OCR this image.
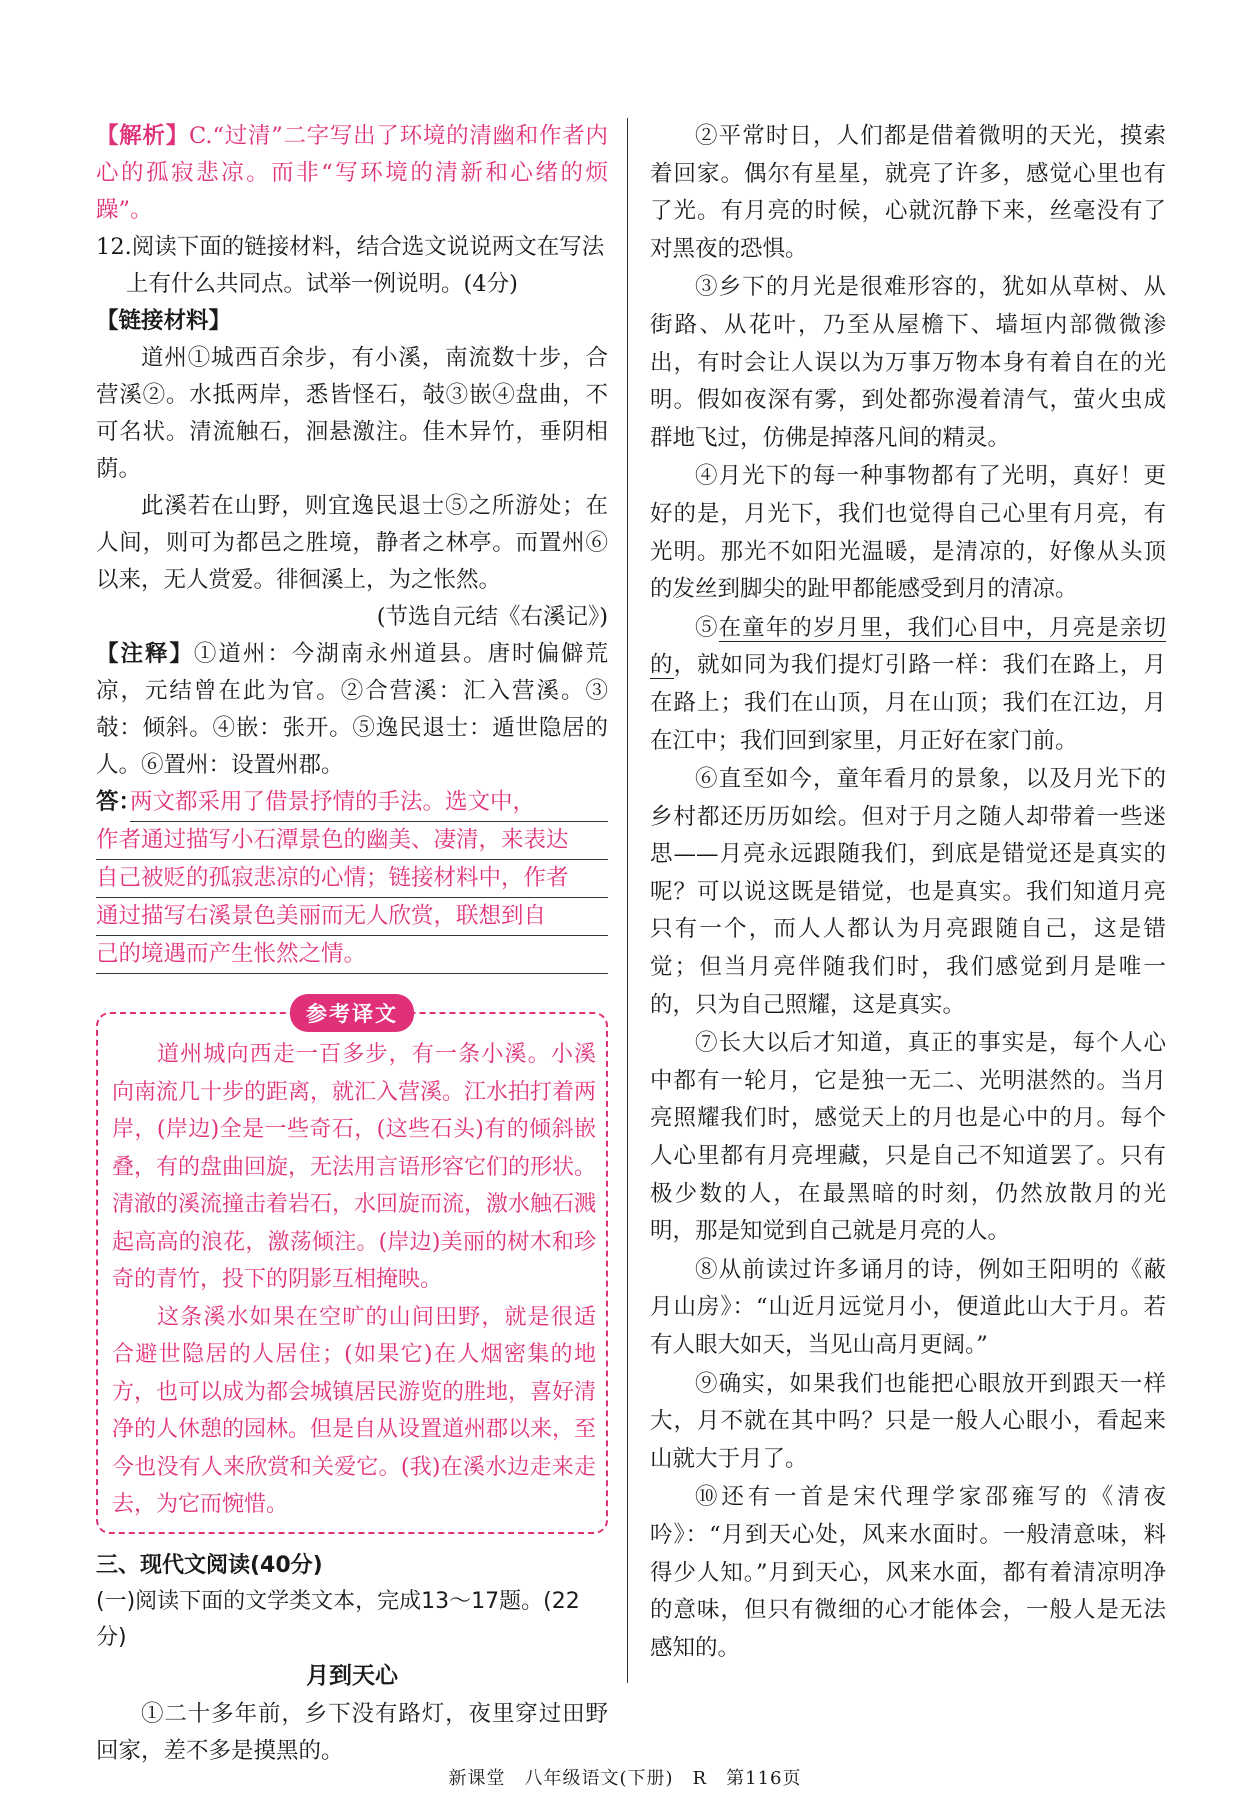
【解析】C.“过清”二字写出了环境的清幽和作者内心的孤寂悲凉。而非“写环境的清新和心绪的烦躁”。

12.阅读下面的链接材料，结合选文说说两文在写法上有什么共同点。试举一例说明。(4分)

【链接材料】

道州①城西百余步，有小溪，南流数十步，合营溪②。水抵两岸，悉皆怪石，攲③嵌④盘曲，不可名状。清流触石，洄悬激注。佳木异竹，垂阴相荫。

此溪若在山野，则宜逸民退士⑤之所游处；在人间，则可为都邑之胜境，静者之林亭。而置州⑥以来，无人赏爱。徘徊溪上，为之怅然。

(节选自元结《右溪记》)

【注释】①道州：今湖南永州道县。唐时偏僻荒凉，元结曾在此为官。②合营溪：汇入营溪。③攲：倾斜。④嵌：张开。⑤逸民退士：遁世隐居的人。⑥置州：设置州郡。

答：
两文都采用了借景抒情的手法。选文中，
作者通过描写小石潭景色的幽美、凄清，来表达
自己被贬的孤寂悲凉的心情；链接材料中，作者
通过描写右溪景色美丽而无人欣赏，联想到自
己的境遇而产生怅然之情。
参考译文

道州城向西走一百多步，有一条小溪。小溪向南流几十步的距离，就汇入营溪。江水拍打着两岸，(岸边)全是一些奇石，(这些石头)有的倾斜嵌叠，有的盘曲回旋，无法用言语形容它们的形状。清澈的溪流撞击着岩石，水回旋而流，激水触石溅起高高的浪花，激荡倾注。(岸边)美丽的树木和珍奇的青竹，投下的阴影互相掩映。

这条溪水如果在空旷的山间田野，就是很适合避世隐居的人居住；(如果它)在人烟密集的地方，也可以成为都会城镇居民游览的胜地，喜好清净的人休憩的园林。但是自从设置道州郡以来，至今也没有人来欣赏和关爱它。(我)在溪水边走来走去，为它而惋惜。

三、现代文阅读(40分)

(一)阅读下面的文学类文本，完成13～17题。(22分)

月到天心

①二十多年前，乡下没有路灯，夜里穿过田野回家，差不多是摸黑的。

②平常时日，人们都是借着微明的天光，摸索着回家。偶尔有星星，就亮了许多，感觉心里也有了光。有月亮的时候，心就沉静下来，丝毫没有了对黑夜的恐惧。

③乡下的月光是很难形容的，犹如从草树、从街路、从花叶，乃至从屋檐下、墙垣内部微微渗出，有时会让人误以为万事万物本身有着自在的光明。假如夜深有雾，到处都弥漫着清气，萤火虫成群地飞过，仿佛是掉落凡间的精灵。

④月光下的每一种事物都有了光明，真好！更好的是，月光下，我们也觉得自己心里有月亮，有光明。那光不如阳光温暖，是清凉的，好像从头顶的发丝到脚尖的趾甲都能感受到月的清凉。

⑤在童年的岁月里，我们心目中，月亮是亲切的，就如同为我们提灯引路一样：我们在路上，月在路上；我们在山顶，月在山顶；我们在江边，月在江中；我们回到家里，月正好在家门前。

⑥直至如今，童年看月的景象，以及月光下的乡村都还历历如绘。但对于月之随人却带着一些迷思——月亮永远跟随我们，到底是错觉还是真实的呢？可以说这既是错觉，也是真实。我们知道月亮只有一个，而人人都认为月亮跟随自己，这是错觉；但当月亮伴随我们时，我们感觉到月是唯一的，只为自己照耀，这是真实。

⑦长大以后才知道，真正的事实是，每个人心中都有一轮月，它是独一无二、光明湛然的。当月亮照耀我们时，感觉天上的月也是心中的月。每个人心里都有月亮埋藏，只是自己不知道罢了。只有极少数的人，在最黑暗的时刻，仍然放散月的光明，那是知觉到自己就是月亮的人。

⑧从前读过许多诵月的诗，例如王阳明的《蔽月山房》：“山近月远觉月小，便道此山大于月。若有人眼大如天，当见山高月更阔。”

⑨确实，如果我们也能把心眼放开到跟天一样大，月不就在其中吗？只是一般人心眼小，看起来山就大于月了。

⑩还有一首是宋代理学家邵雍写的《清夜吟》：“月到天心处，风来水面时。一般清意味，料得少人知。”月到天心，风来水面，都有着清凉明净的意味，但只有微细的心才能体会，一般人是无法感知的。

新课堂　八年级语文(下册)　R　第116页
